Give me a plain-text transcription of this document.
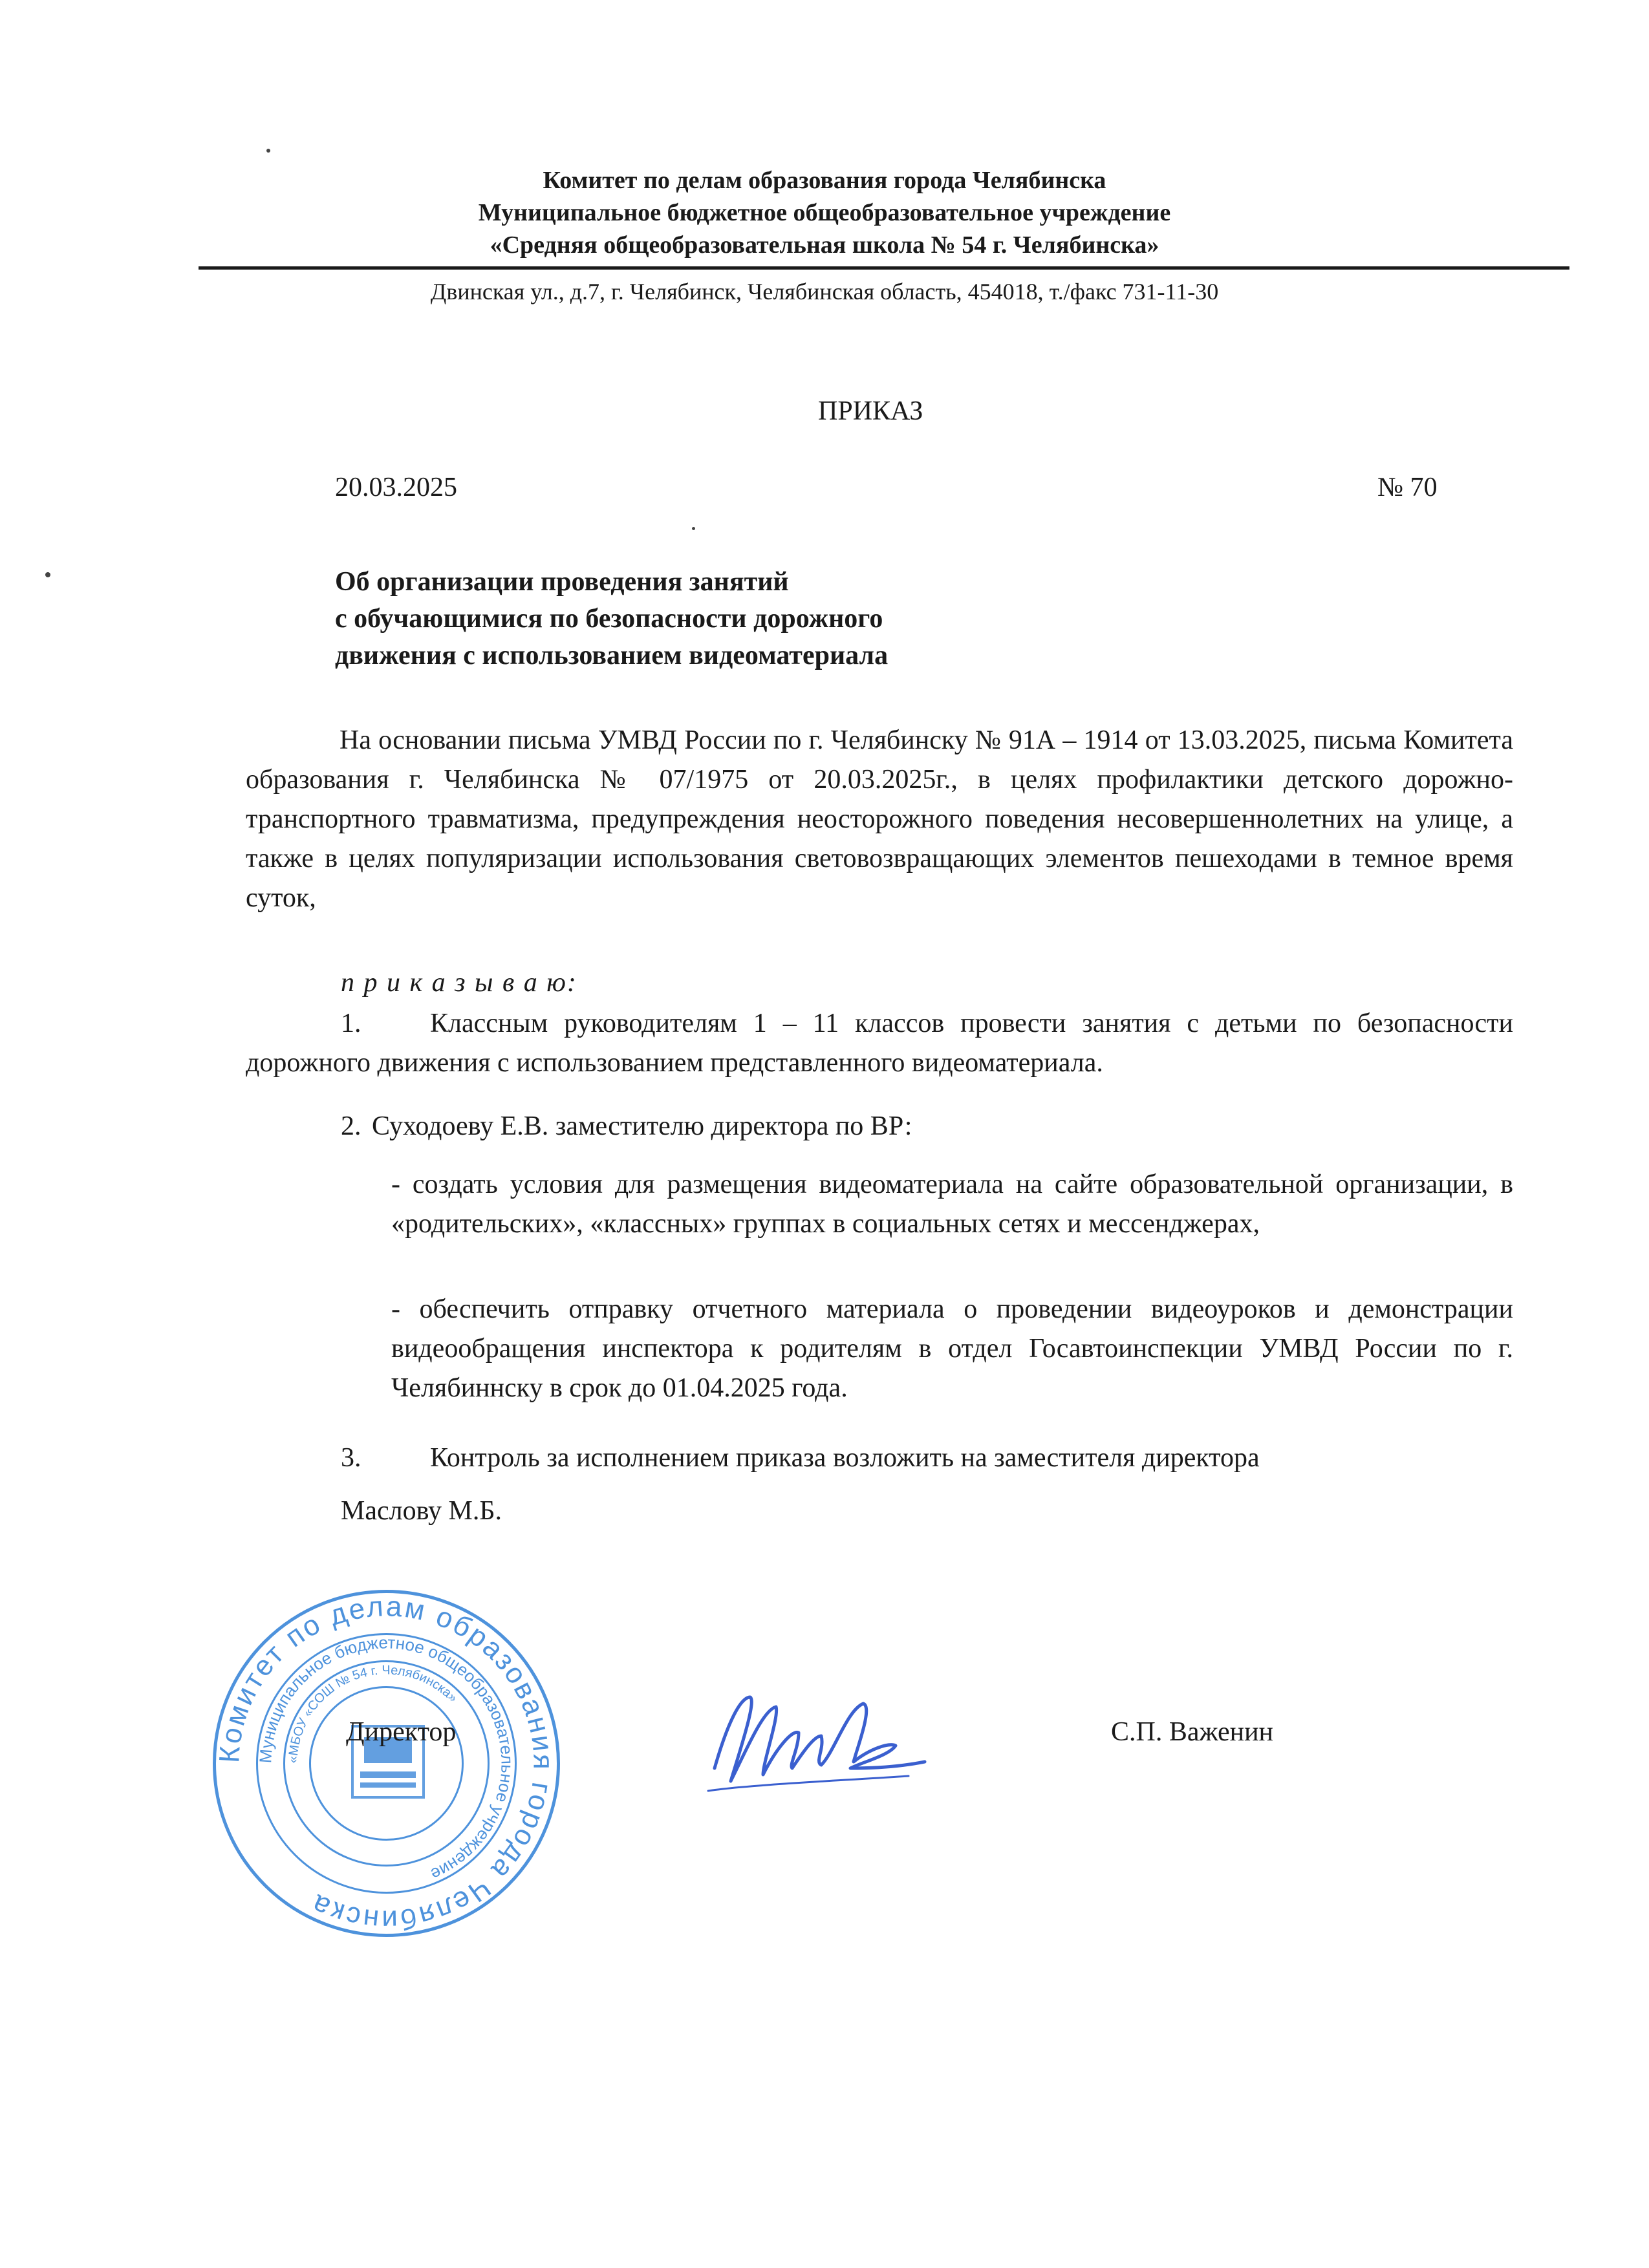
Комитет по делам образования города Челябинска
Муниципальное бюджетное общеобразовательное учреждение
«Средняя общеобразовательная школа № 54 г. Челябинска»
Двинская ул., д.7, г. Челябинск, Челябинская область, 454018, т./факс 731-11-30
ПРИКАЗ
20.03.2025	№ 70
Об организации проведения занятий
с обучающимися по безопасности дорожного
движения с использованием видеоматериала
На основании письма УМВД России по г. Челябинску № 91А – 1914 от 13.03.2025, письма Комитета образования г. Челябинска № 07/1975 от 20.03.2025г., в целях профилактики детского дорожно-транспортного травматизма, предупреждения неосторожного поведения несовершеннолетних на улице, а также в целях популяризации использования световозвращающих элементов пешеходами в темное время суток,
п р и к а з ы в а ю:
1.	Классным руководителям 1 – 11 классов провести занятия с детьми по безопасности дорожного движения с использованием представленного видеоматериала.
2. Суходоеву Е.В. заместителю директора по ВР:
- создать условия для размещения видеоматериала на сайте образовательной организации, в «родительских», «классных» группах в социальных сетях и мессенджерах,
- обеспечить отправку отчетного материала о проведении видеоуроков и демонстрации видеообращения инспектора к родителям в отдел Госавтоинспекции УМВД России по г. Челябиннску в срок до 01.04.2025 года.
3.	Контроль за исполнением приказа возложить на заместителя директора
Маслову М.Б.
Комитет по делам образования города Челябинска
Муниципальное бюджетное общеобразовательное учреждение
«МБОУ «СОШ № 54 г. Челябинска»
Директор	С.П. Важенин
